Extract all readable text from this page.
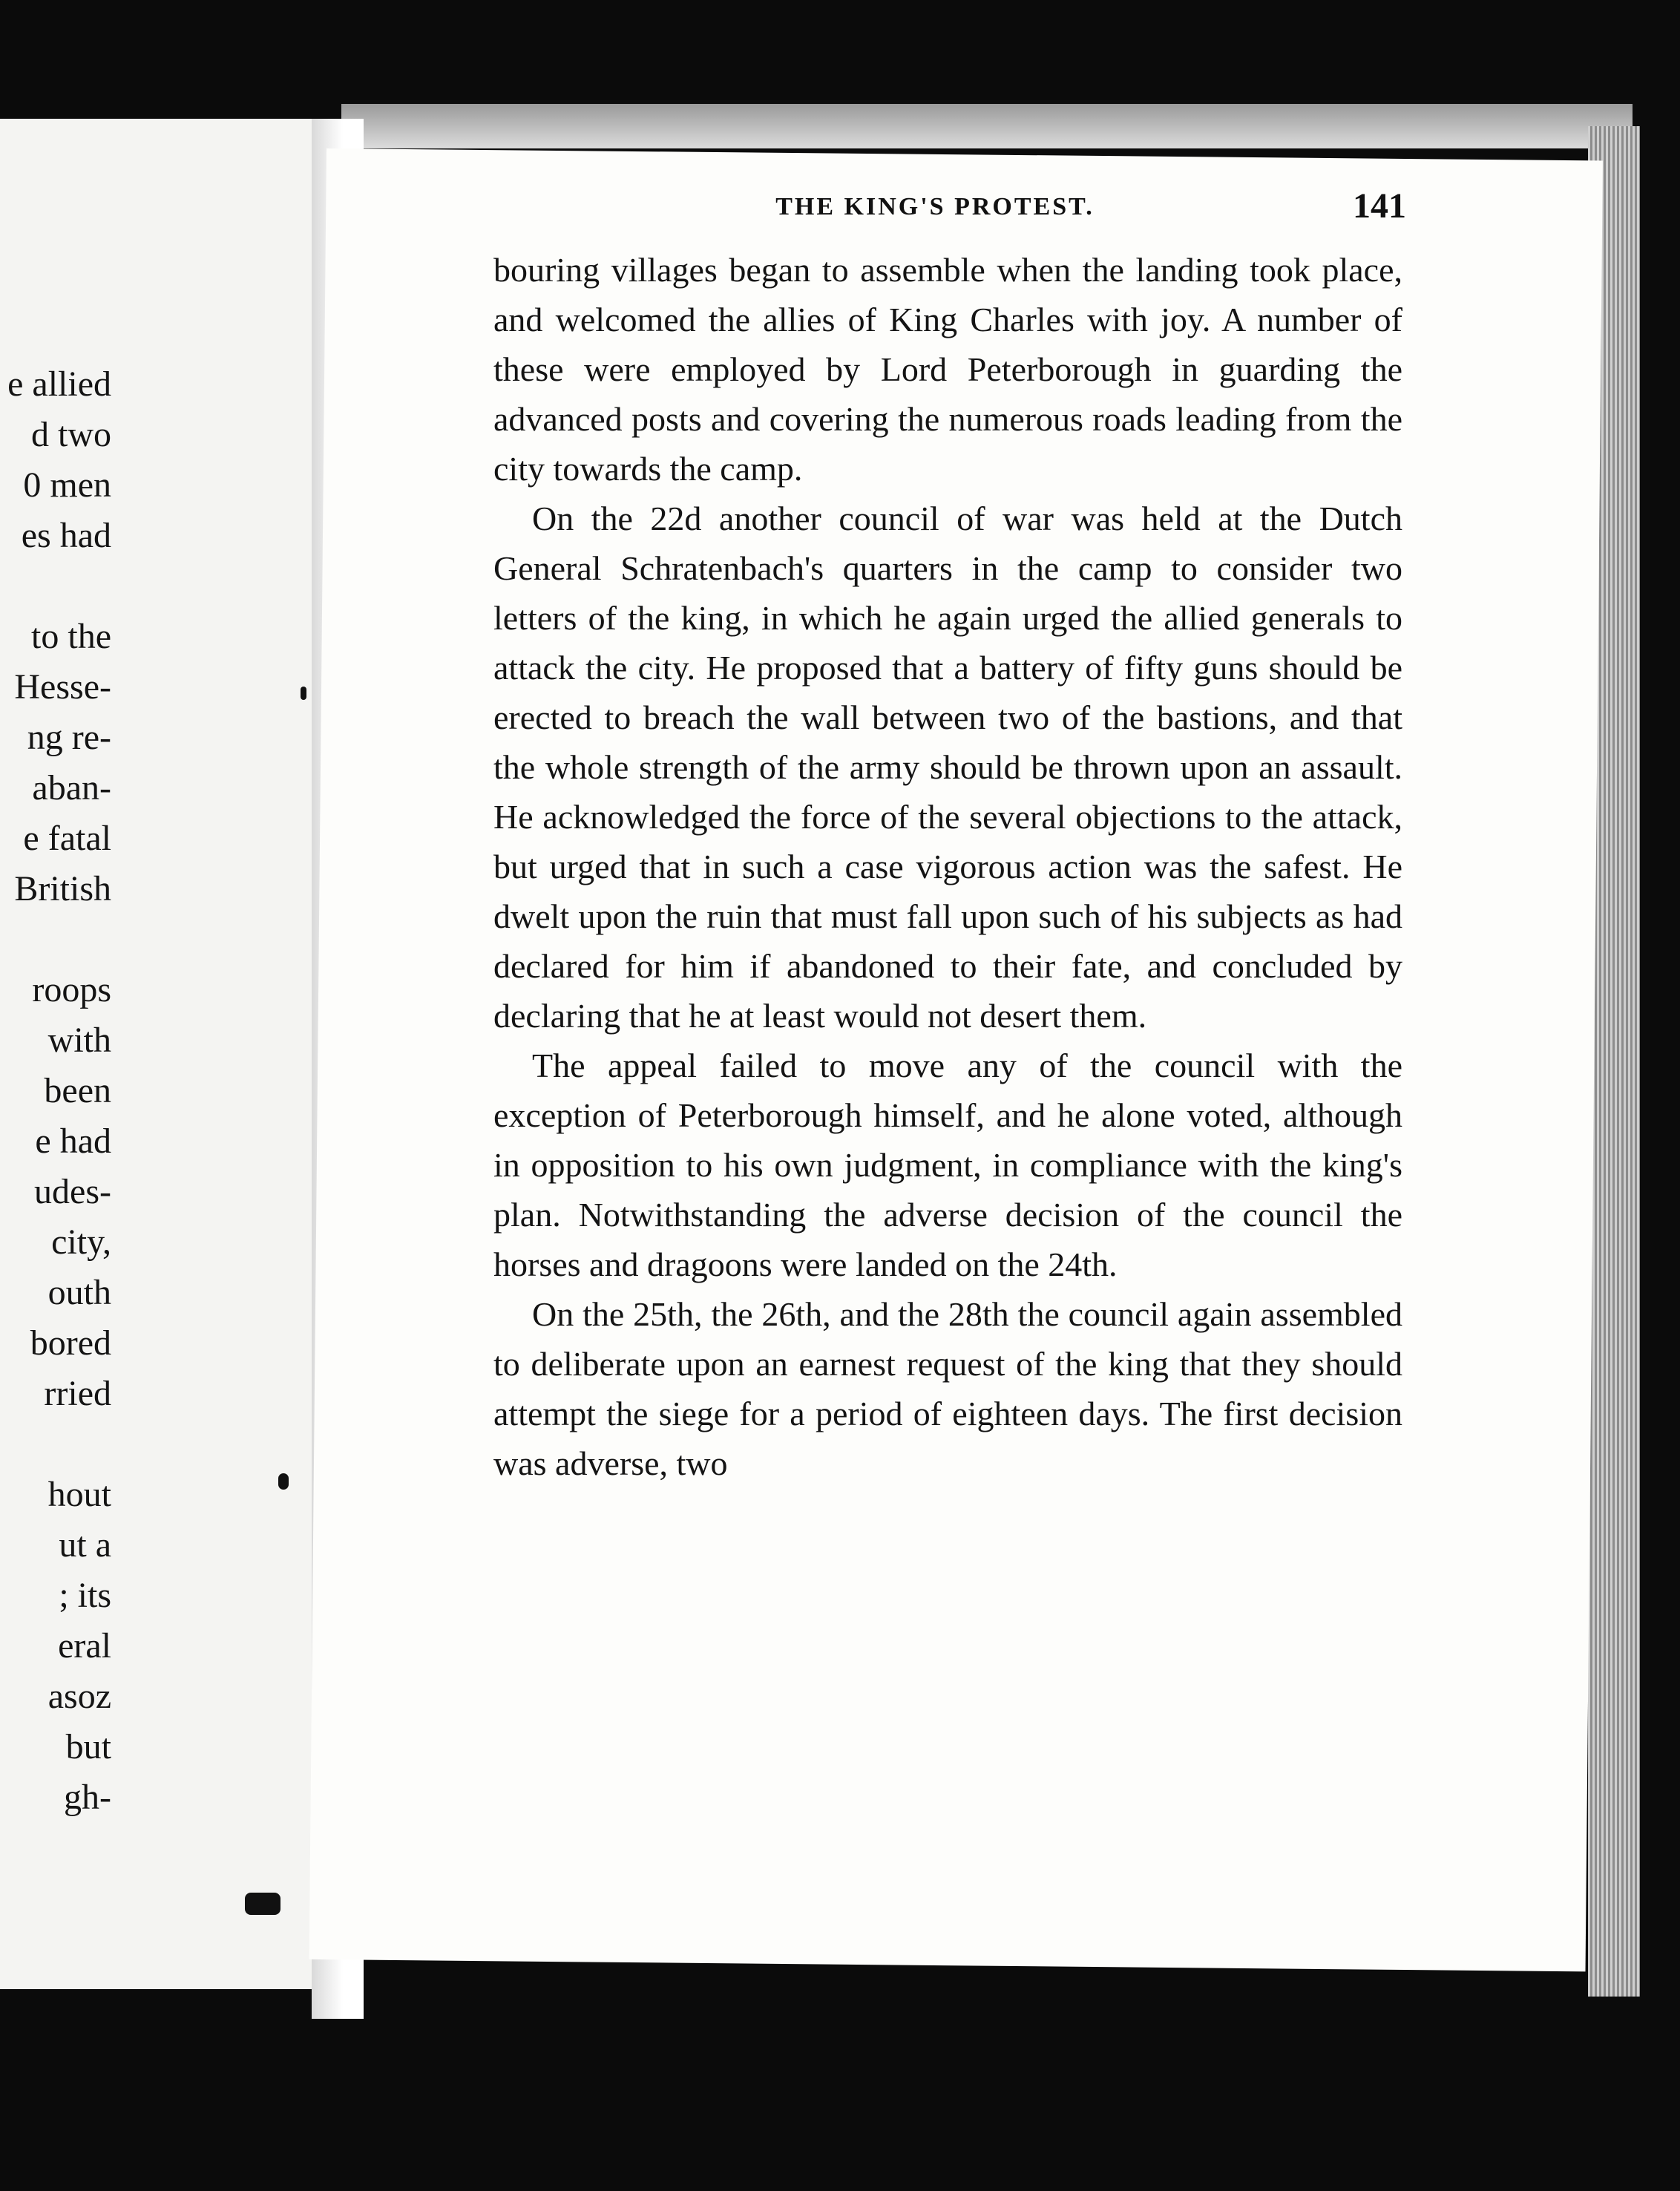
e allied
d two
0 men
es had
to the
Hesse-
ng re-
aban-
e fatal
British
roops
with
been
e had
udes-
city,
outh
bored
rried
hout
ut a
; its
eral
asoz
but
gh-
THE KING'S PROTEST.	141

bouring villages began to assemble when the landing took place, and welcomed the allies of King Charles with joy. A number of these were employed by Lord Peterborough in guarding the advanced posts and covering the numerous roads leading from the city towards the camp.

On the 22d another council of war was held at the Dutch General Schratenbach's quarters in the camp to consider two letters of the king, in which he again urged the allied generals to attack the city. He proposed that a battery of fifty guns should be erected to breach the wall between two of the bastions, and that the whole strength of the army should be thrown upon an assault. He acknowledged the force of the several objections to the attack, but urged that in such a case vigorous action was the safest. He dwelt upon the ruin that must fall upon such of his subjects as had declared for him if abandoned to their fate, and concluded by declaring that he at least would not desert them.

The appeal failed to move any of the council with the exception of Peterborough himself, and he alone voted, although in opposition to his own judgment, in compliance with the king's plan. Notwithstanding the adverse decision of the council the horses and dragoons were landed on the 24th.

On the 25th, the 26th, and the 28th the council again assembled to deliberate upon an earnest request of the king that they should attempt the siege for a period of eighteen days. The first decision was adverse, two
